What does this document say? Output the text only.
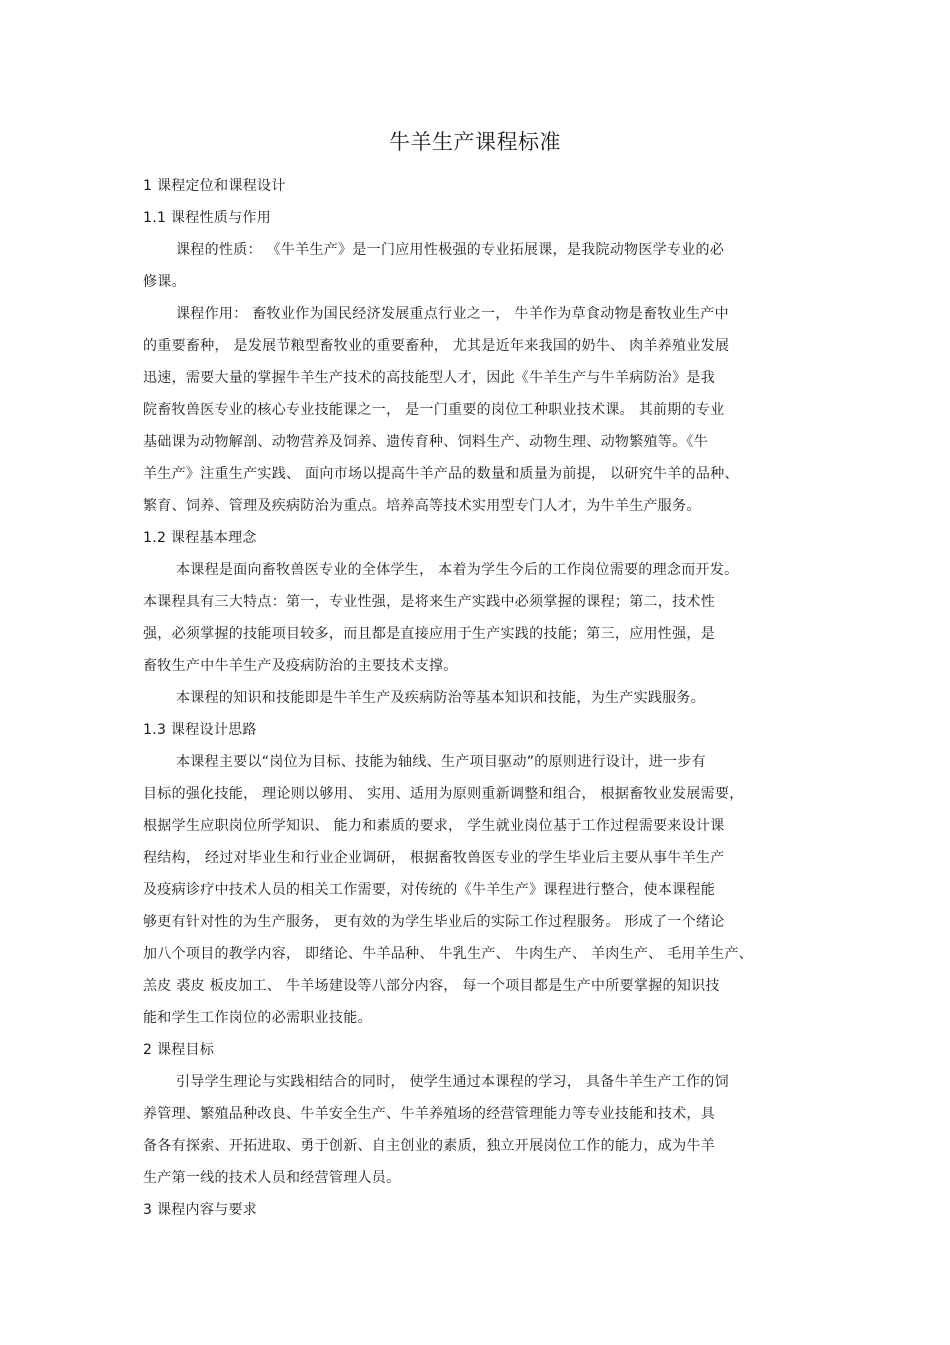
牛羊生产课程标准
1 课程定位和课程设计
1.1 课程性质与作用
课程的性质： 《牛羊生产》是一门应用性极强的专业拓展课，是我院动物医学专业的必
修课。
课程作用： 畜牧业作为国民经济发展重点行业之一， 牛羊作为草食动物是畜牧业生产中
的重要畜种， 是发展节粮型畜牧业的重要畜种， 尤其是近年来我国的奶牛、 肉羊养殖业发展
迅速，需要大量的掌握牛羊生产技术的高技能型人才，因此《牛羊生产与牛羊病防治》是我
院畜牧兽医专业的核心专业技能课之一， 是一门重要的岗位工种职业技术课。 其前期的专业
基础课为动物解剖、动物营养及饲养、遗传育种、饲料生产、动物生理、动物繁殖等。《牛
羊生产》注重生产实践、 面向市场以提高牛羊产品的数量和质量为前提， 以研究牛羊的品种、
繁育、饲养、管理及疾病防治为重点。培养高等技术实用型专门人才，为牛羊生产服务。
1.2 课程基本理念
本课程是面向畜牧兽医专业的全体学生， 本着为学生今后的工作岗位需要的理念而开发。
本课程具有三大特点：第一，专业性强，是将来生产实践中必须掌握的课程；第二，技术性
强，必须掌握的技能项目较多，而且都是直接应用于生产实践的技能；第三，应用性强，是
畜牧生产中牛羊生产及疫病防治的主要技术支撑。
本课程的知识和技能即是牛羊生产及疾病防治等基本知识和技能，为生产实践服务。
1.3 课程设计思路
本课程主要以“岗位为目标、技能为轴线、生产项目驱动”的原则进行设计，进一步有
目标的强化技能， 理论则以够用、 实用、适用为原则重新调整和组合， 根据畜牧业发展需要，
根据学生应职岗位所学知识、 能力和素质的要求， 学生就业岗位基于工作过程需要来设计课
程结构， 经过对毕业生和行业企业调研， 根据畜牧兽医专业的学生毕业后主要从事牛羊生产
及疫病诊疗中技术人员的相关工作需要，对传统的《牛羊生产》课程进行整合，使本课程能
够更有针对性的为生产服务， 更有效的为学生毕业后的实际工作过程服务。 形成了一个绪论
加八个项目的教学内容， 即绪论、牛羊品种、 牛乳生产、 牛肉生产、 羊肉生产、 毛用羊生产、
羔皮 裘皮 板皮加工、 牛羊场建设等八部分内容， 每一个项目都是生产中所要掌握的知识技
能和学生工作岗位的必需职业技能。
2 课程目标
引导学生理论与实践相结合的同时， 使学生通过本课程的学习， 具备牛羊生产工作的饲
养管理、繁殖品种改良、牛羊安全生产、牛羊养殖场的经营管理能力等专业技能和技术，具
备各有探索、开拓进取、勇于创新、自主创业的素质，独立开展岗位工作的能力，成为牛羊
生产第一线的技术人员和经营管理人员。
3 课程内容与要求
